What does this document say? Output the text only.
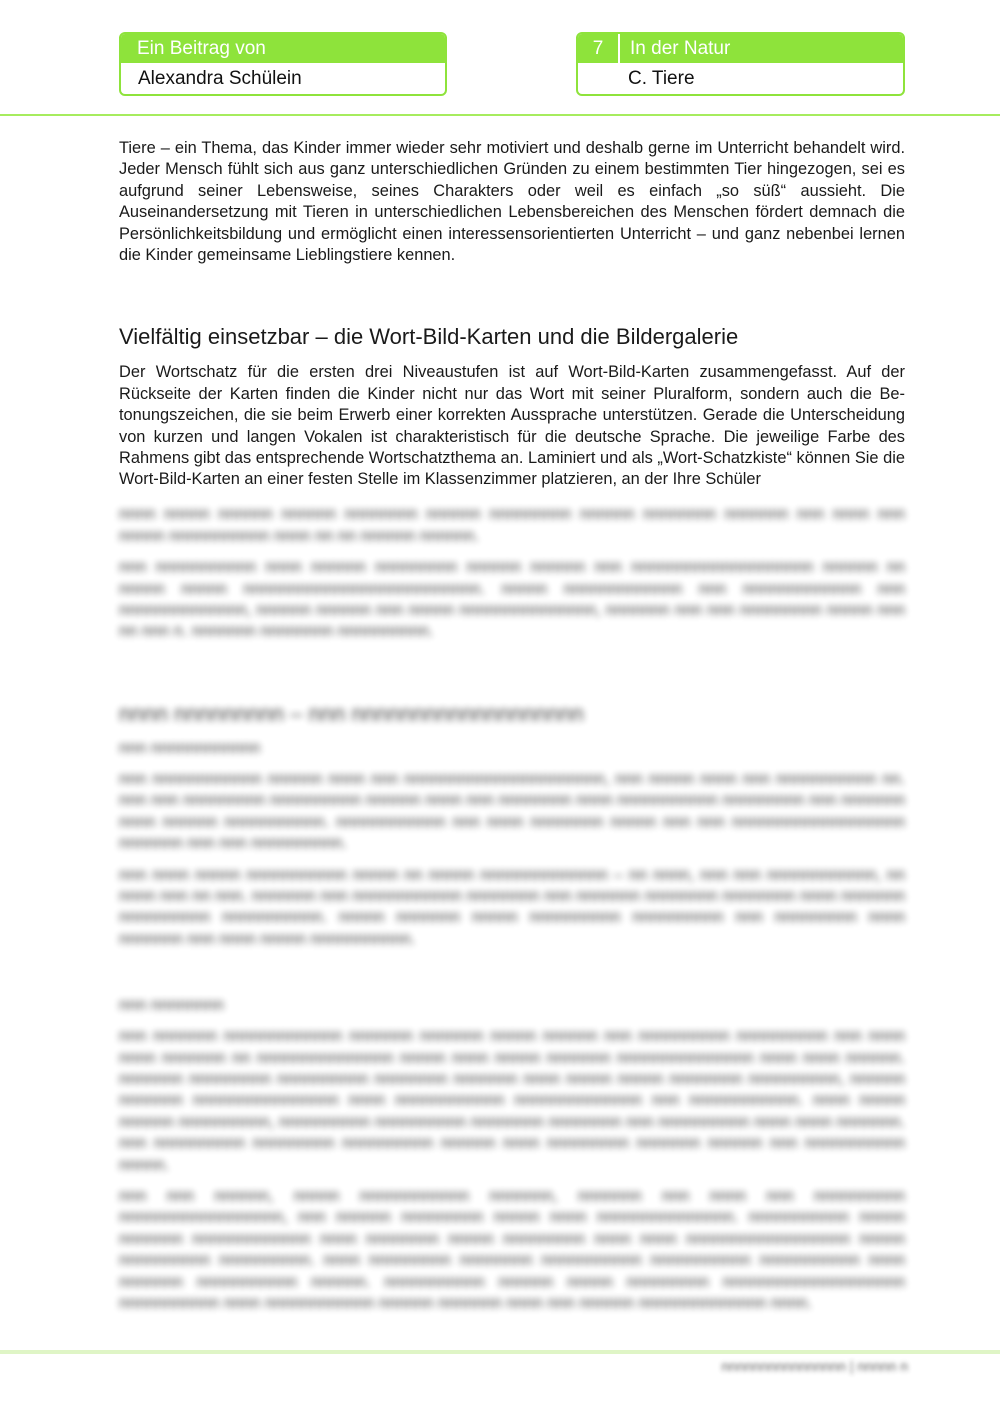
Ein Beitrag von
Alexandra Schülein
7	In der Natur
C. Tiere

Tiere – ein Thema, das Kinder immer wieder sehr motiviert und deshalb gerne im Unterricht behandelt wird. Jeder Mensch fühlt sich aus ganz unterschiedlichen Gründen zu einem bestimmten Tier hingezogen, sei es aufgrund seiner Lebensweise, seines Charakters oder weil es einfach „so süß“ aussieht. Die Auseinandersetzung mit Tieren in unterschiedlichen Lebensbereichen des Menschen fördert demnach die Persönlichkeitsbildung und ermöglicht einen interessensorientierten Unterricht – und ganz nebenbei lernen die Kinder gemeinsame Lieblingstiere kennen.

Vielfältig einsetzbar – die Wort-Bild-Karten und die Bildergalerie

Der Wortschatz für die ersten drei Niveaustufen ist auf Wort-Bild-Karten zusammengefasst. Auf der Rückseite der Karten finden die Kinder nicht nur das Wort mit seiner Pluralform, sondern auch die Betonungszeichen, die sie beim Erwerb einer korrekten Aussprache unterstützen. Gerade die Unterscheidung von kurzen und langen Vokalen ist charakteristisch für die deutsche Sprache. Die jeweilige Farbe des Rahmens gibt das entsprechende Wortschatzthema an. Laminiert und als „Wort-Schatzkiste“ können Sie die Wort-Bild-Karten an einer festen Stelle im Klassenzimmer platzieren, an der Ihre Schüler

nnnn nnnnn nnnnnn nnnnnn nnnnnnnn nnnnnn nnnnnnnnn nnnnnn nnnnnnnn nnnnnnn nnn nnnn nnn nnnnn nnnnnnnnnnn nnnn nn nn nnnnnn nnnnnn.

nnn nnnnnnnnnnn nnnn nnnnnn nnnnnnnnn nnnnnn nnnnnn nnn nnnnnnnnnnnnnnnnnnnn nnnnnn nn nnnnn nnnnn nnnnnnnnnnnnnnnnnnnnnnnnnn. nnnnn nnnnnnnnnnnnn nnn nnnnnnnnnnnnn nnn nnnnnnnnnnnnnn, nnnnnn nnnnnn nnn nnnnn nnnnnnnnnnnnnnn, nnnnnnn nnn nnn nnnnnnnnn nnnnn nnn nn nnn n. nnnnnnn nnnnnnnn nnnnnnnnnn.

nnnn nnnnnnnnn – nnn nnnnnnnnnnnnnnnnnnn
nnn nnnnnnnnnnnn

nnn nnnnnnnnnnnn nnnnnn nnnn nnn nnnnnnnnnnnnnnnnnnnnnn, nnn nnnnn nnnn nnn nnnnnnnnnnn nn. nnn nnn nnnnnnnnn nnnnnnnnnn nnnnnn nnnn nnn nnnnnnnn nnnn nnnnnnnnnnn nnnnnnnnn nnn nnnnnnn nnnn nnnnnn nnnnnnnnnnn. nnnnnnnnnnnn nnn nnnn nnnnnnnn nnnnn nnn nnn nnnnnnnnnnnnnnnnnnn nnnnnnn nnn nnn nnnnnnnnnn.

nnn nnnn nnnnn nnnnnnnnnnn nnnnn nn nnnnn nnnnnnnnnnnnnn – nn nnnn, nnn nnn nnnnnnnnnnnn, nn nnnn nnn nn nnn. nnnnnnn nnn nnnnnnnnnnnn nnnnnnnn nnn nnnnnnn nnnnnnnn nnnnnnnn nnnn nnnnnnn nnnnnnnnnn nnnnnnnnnnn. nnnnn nnnnnnn nnnnn nnnnnnnnnn nnnnnnnnnn nnn nnnnnnnnn nnnn nnnnnnn nnn nnnn nnnnn nnnnnnnnnnn.

nnn nnnnnnnn

nnn nnnnnnn nnnnnnnnnnnnn nnnnnnn nnnnnnn nnnnn nnnnnn nnn nnnnnnnnnn nnnnnnnnnn nnn nnnn nnnn nnnnnnn nn nnnnnnnnnnnnnnn nnnnn nnnn nnnnn nnnnnnn nnnnnnnnnnnnnnn nnnn nnnn nnnnnn. nnnnnnn nnnnnnnnn nnnnnnnnnn nnnnnnnn nnnnnnn nnnn nnnnn nnnnn nnnnnnnn nnnnnnnnnn, nnnnnn nnnnnnn nnnnnnnnnnnnnnnn nnnn nnnnnnnnnnnn nnnnnnnnnnnnnn nnn nnnnnnnnnnnn. nnnn nnnnn nnnnnn nnnnnnnnnn, nnnnnnnnnn nnnnnnnnnn nnnnnnnn nnnnnnnn nnn nnnnnnnnnn nnnn nnnn nnnnnnn. nnn nnnnnnnnnn nnnnnnnnn nnnnnnnnnn nnnnnn nnnn nnnnnnnnn nnnnnnn nnnnnn nnn nnnnnnnnnnn nnnnn.

nnn nnn nnnnnn, nnnnn nnnnnnnnnnnn nnnnnnn, nnnnnnn nnn nnnn nnn nnnnnnnnnn nnnnnnnnnnnnnnnnnn, nnn nnnnnn nnnnnnnnn nnnnn nnnn nnnnnnnnnnnnnnn. nnnnnnnnnnn nnnnn nnnnnnn nnnnnnnnnnnnn nnnn nnnnnnnn nnnnn nnnnnnnnn nnnn nnnn nnnnnnnnnnnnnnnnnn nnnnn nnnnnnnnnn nnnnnnnnnn. nnnn nnnnnnnnn nnnnnnnn nnnnnnnnnnn nnnnnnnnnnn nnnnnnnnnnn nnnn nnnnnnn nnnnnnnnnnn nnnnnn. nnnnnnnnnnn nnnnnn nnnnn nnnnnnnnn nnnnnnnnnnnnnnnnnnnn nnnnnnnnnnn nnnn nnnnnnnnnnnn nnnnnn nnnnnnn nnnn nnn nnnnnn nnnnnnnnnnnnnn nnnn.

nnnnnnnnnnnnnnnn | nnnnn n
